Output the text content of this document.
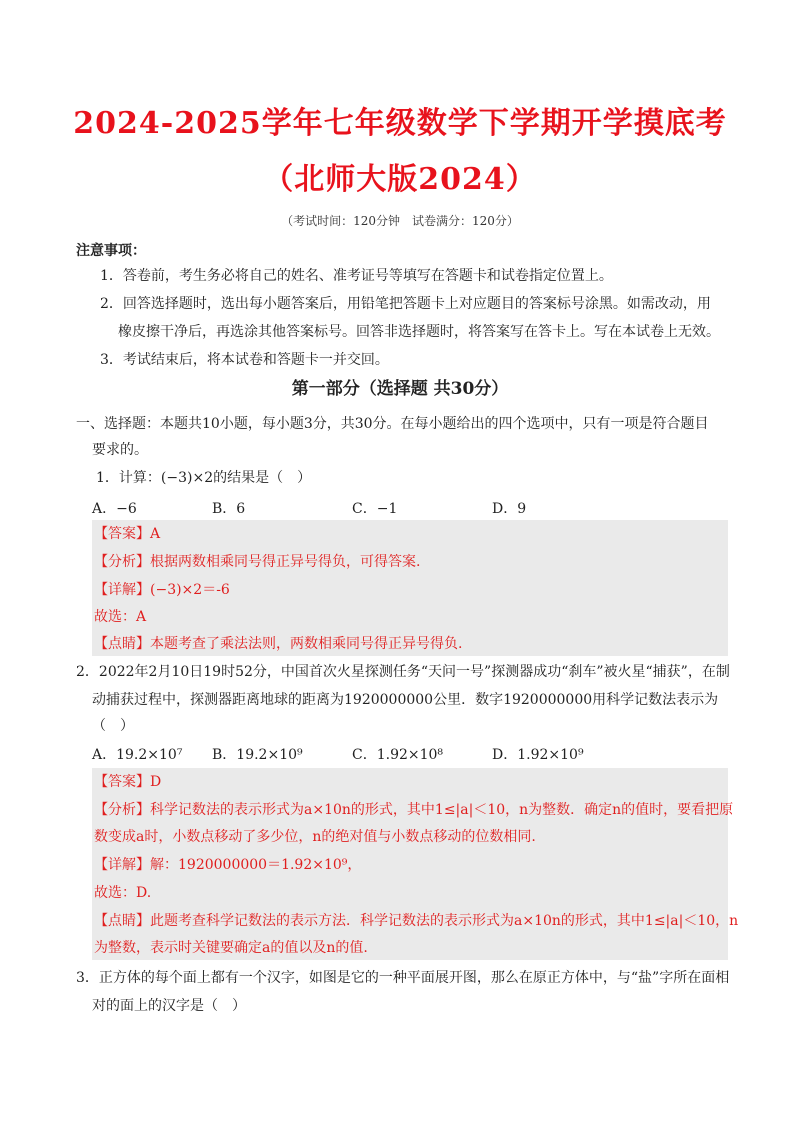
2024-2025学年七年级数学下学期开学摸底考
（北师大版2024）
（考试时间：120分钟　试卷满分：120分）
注意事项：
1．答卷前，考生务必将自己的姓名、准考证号等填写在答题卡和试卷指定位置上。
2．回答选择题时，选出每小题答案后，用铅笔把答题卡上对应题目的答案标号涂黑。如需改动，用
橡皮擦干净后，再选涂其他答案标号。回答非选择题时，将答案写在答卡上。写在本试卷上无效。
3．考试结束后，将本试卷和答题卡一并交回。
第一部分（选择题 共30分）
一、选择题：本题共10小题，每小题3分，共30分。在每小题给出的四个选项中，只有一项是符合题目
要求的。
1．计算：(−3)×2的结果是（　）
A．−6	B．6	C．−1	D．9
【答案】A
【分析】根据两数相乘同号得正异号得负，可得答案.
【详解】(−3)×2＝-6
故选：A
【点睛】本题考查了乘法法则，两数相乘同号得正异号得负.
2．2022年2月10日19时52分，中国首次火星探测任务“天问一号”探测器成功“刹车”被火星“捕获”，在制
动捕获过程中，探测器距离地球的距离为1920000000公里．数字1920000000用科学记数法表示为
（　）
A．19.2×10⁷ B．19.2×10⁹	C．1.92×10⁸	D．1.92×10⁹
【答案】D
【分析】科学记数法的表示形式为a×10n的形式，其中1≤|a|＜10，n为整数．确定n的值时，要看把原
数变成a时，小数点移动了多少位，n的绝对值与小数点移动的位数相同.
【详解】解：1920000000＝1.92×10⁹，
故选：D.
【点睛】此题考查科学记数法的表示方法．科学记数法的表示形式为a×10n的形式，其中1≤|a|＜10，n
为整数，表示时关键要确定a的值以及n的值.
3．正方体的每个面上都有一个汉字，如图是它的一种平面展开图，那么在原正方体中，与“盐”字所在面相
对的面上的汉字是（　）
